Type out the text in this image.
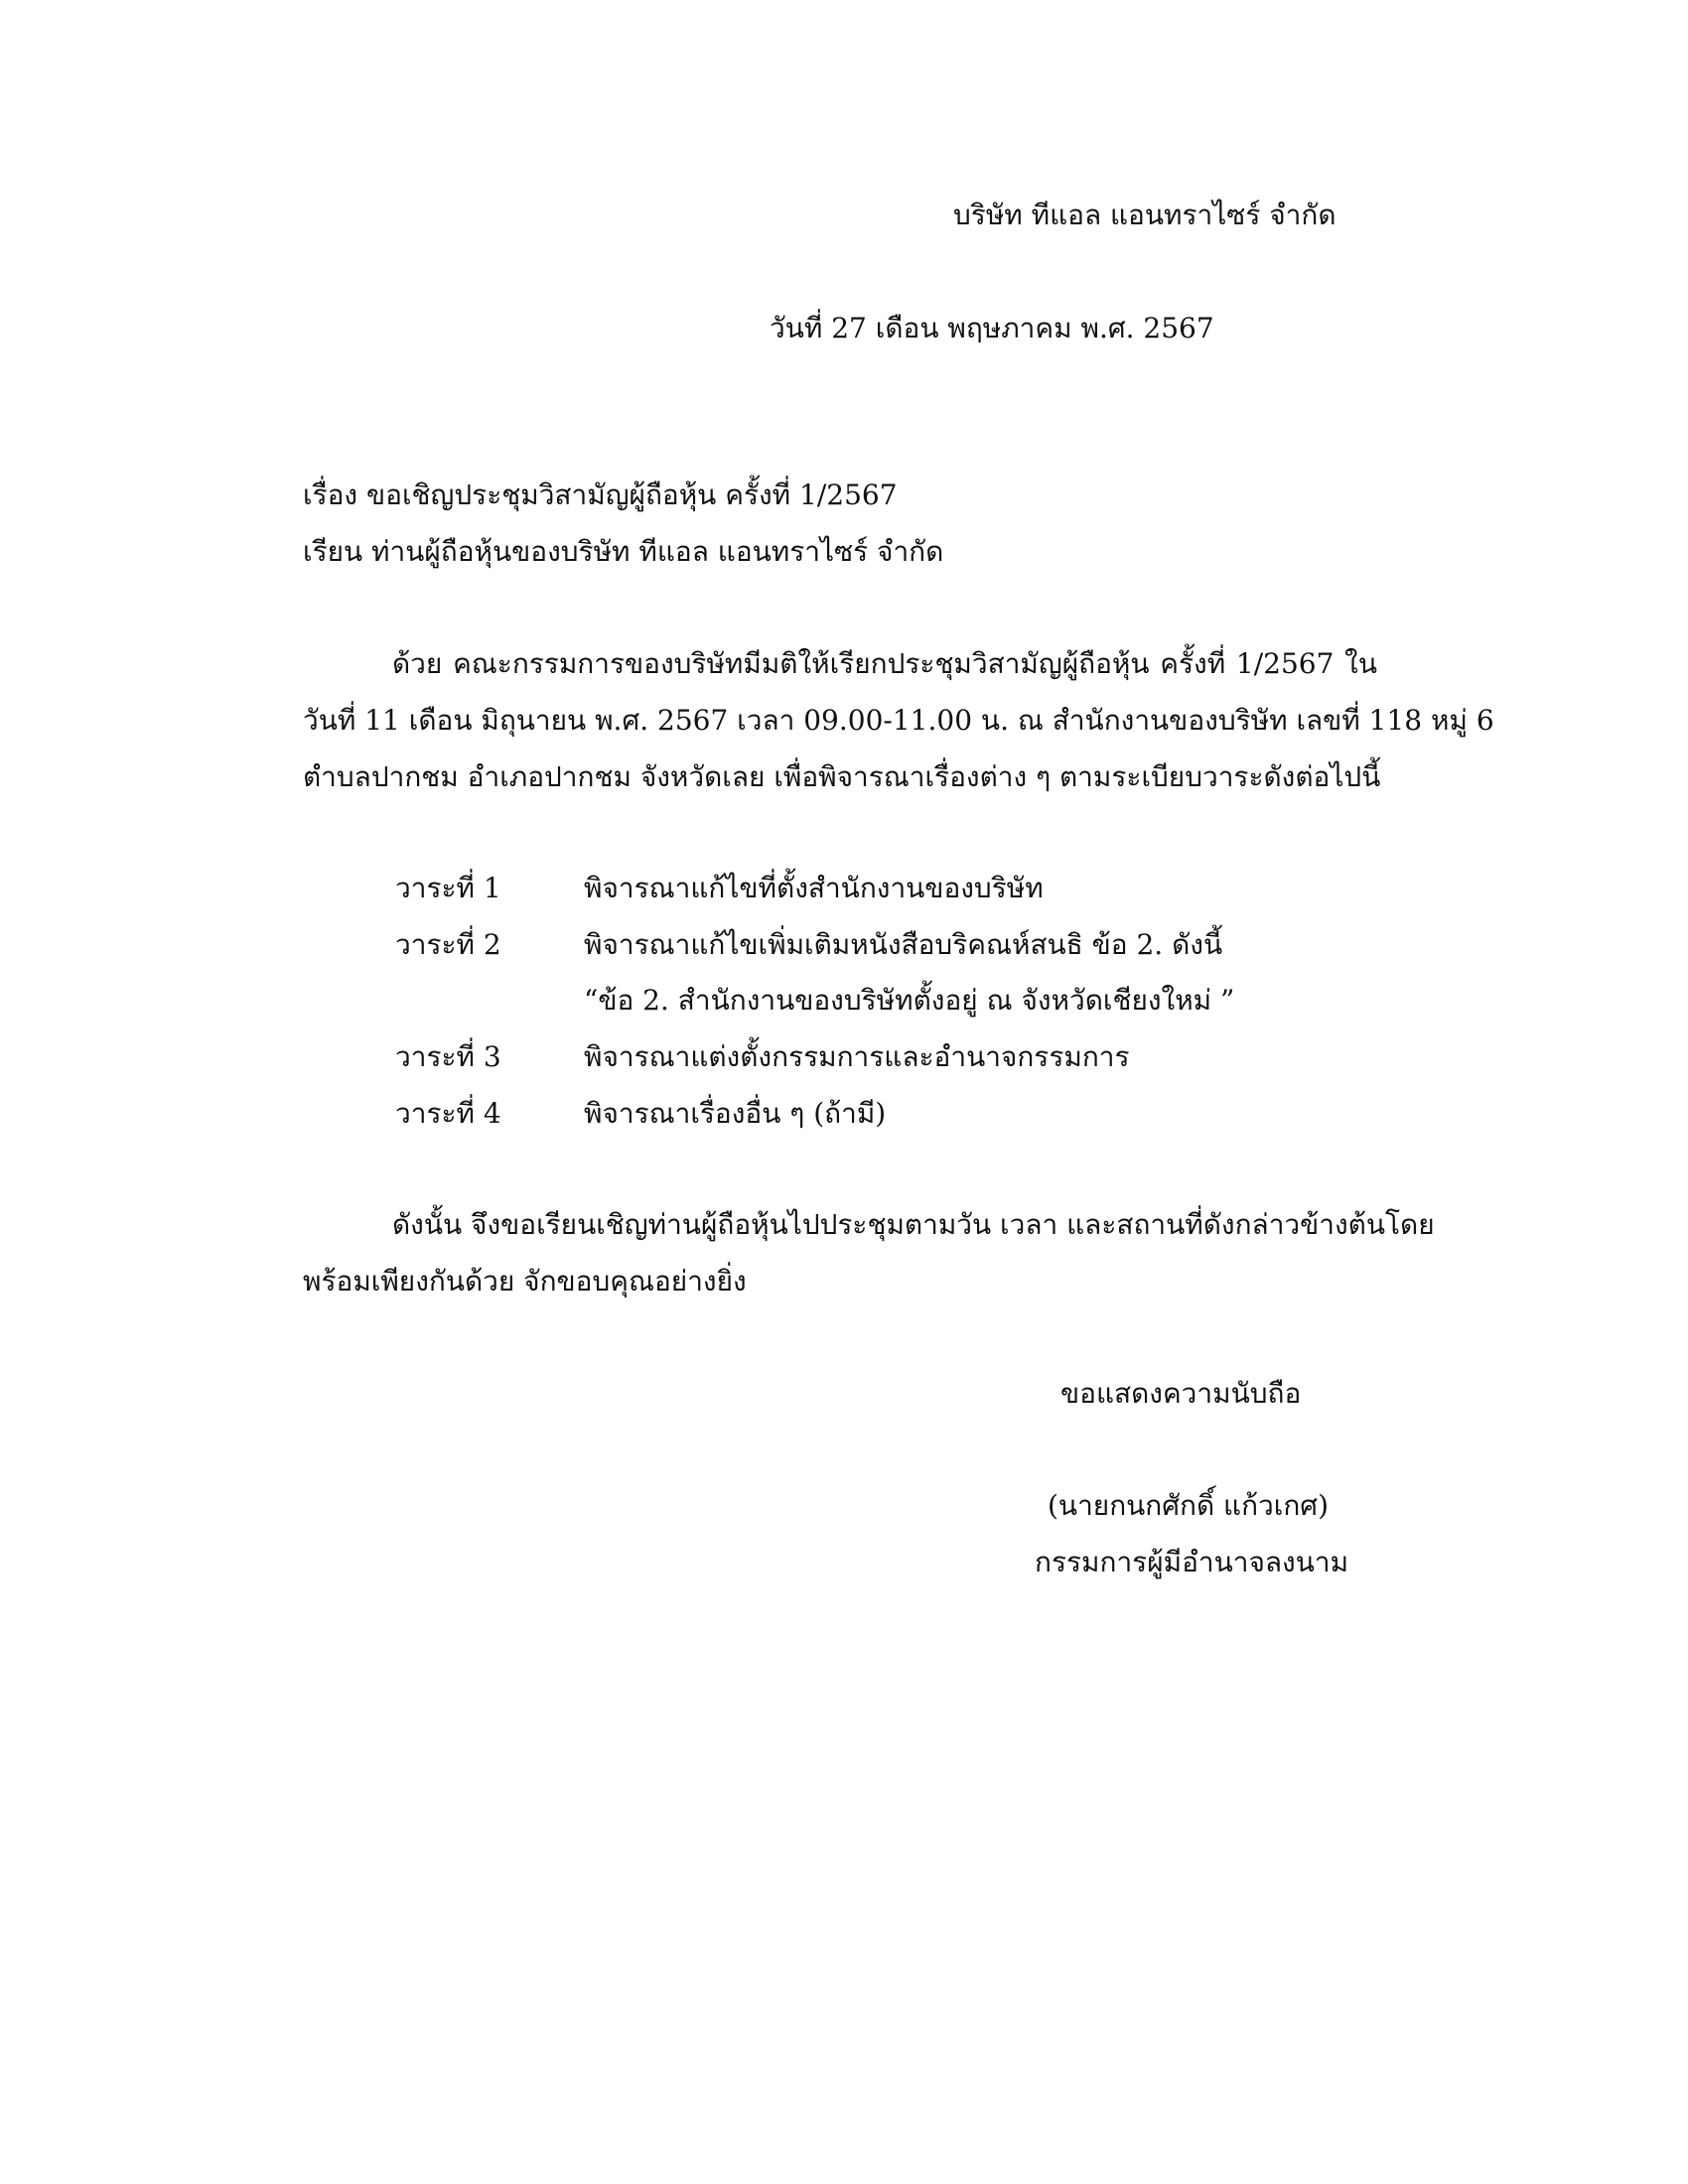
บริษัท ทีแอล แอนทราไซร์ จำกัด
วันที่ 27 เดือน พฤษภาคม พ.ศ. 2567
เรื่อง ขอเชิญประชุมวิสามัญผู้ถือหุ้น ครั้งที่ 1/2567
เรียน ท่านผู้ถือหุ้นของบริษัท ทีแอล แอนทราไซร์ จำกัด
ด้วย คณะกรรมการของบริษัทมีมติให้เรียกประชุมวิสามัญผู้ถือหุ้น ครั้งที่ 1/2567 ใน
วันที่ 11 เดือน มิถุนายน พ.ศ. 2567 เวลา 09.00-11.00 น. ณ สำนักงานของบริษัท เลขที่ 118 หมู่ 6
ตำบลปากชม อำเภอปากชม จังหวัดเลย เพื่อพิจารณาเรื่องต่าง ๆ ตามระเบียบวาระดังต่อไปนี้
วาระที่ 1	พิจารณาแก้ไขที่ตั้งสำนักงานของบริษัท
วาระที่ 2	พิจารณาแก้ไขเพิ่มเติมหนังสือบริคณห์สนธิ ข้อ 2. ดังนี้
“ข้อ 2. สำนักงานของบริษัทตั้งอยู่ ณ จังหวัดเชียงใหม่ ”
วาระที่ 3	พิจารณาแต่งตั้งกรรมการและอำนาจกรรมการ
วาระที่ 4	พิจารณาเรื่องอื่น ๆ (ถ้ามี)
ดังนั้น จึงขอเรียนเชิญท่านผู้ถือหุ้นไปประชุมตามวัน เวลา และสถานที่ดังกล่าวข้างต้นโดย
พร้อมเพียงกันด้วย จักขอบคุณอย่างยิ่ง
ขอแสดงความนับถือ
(นายกนกศักดิ์ แก้วเกศ)
กรรมการผู้มีอำนาจลงนาม
